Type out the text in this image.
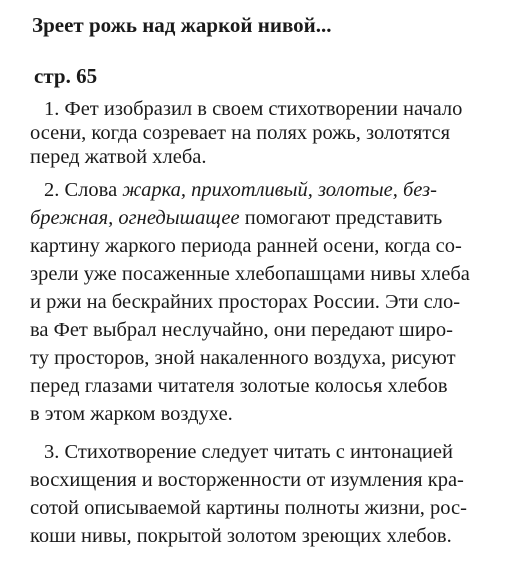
Зреет рожь над жаркой нивой...
стр. 65
1. Фет изобразил в своем стихотворении начало
осени, когда созревает на полях рожь, золотятся
перед жатвой хлеба.
2. Слова жарка, прихотливый, золотые, без-
брежная, огнедышащее помогают представить
картину жаркого периода ранней осени, когда со-
зрели уже посаженные хлебопашцами нивы хлеба
и ржи на бескрайних просторах России. Эти сло-
ва Фет выбрал неслучайно, они передают широ-
ту просторов, зной накаленного воздуха, рисуют
перед глазами читателя золотые колосья хлебов
в этом жарком воздухе.
3. Стихотворение следует читать с интонацией
восхищения и восторженности от изумления кра-
сотой описываемой картины полноты жизни, рос-
коши нивы, покрытой золотом зреющих хлебов.
